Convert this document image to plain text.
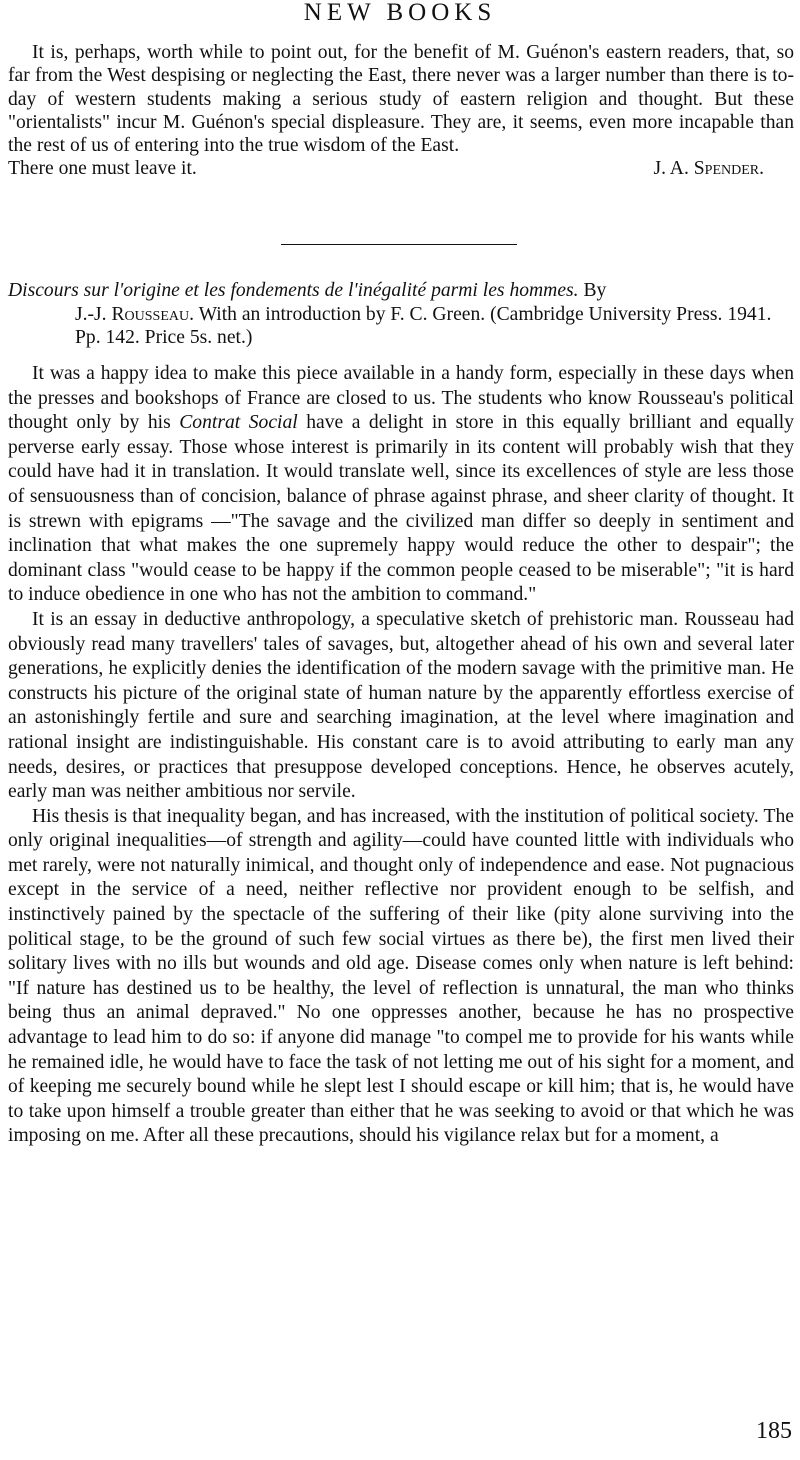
NEW BOOKS

It is, perhaps, worth while to point out, for the benefit of M. Guénon's eastern readers, that, so far from the West despising or neglecting the East, there never was a larger number than there is to-day of western students making a serious study of eastern religion and thought. But these "orientalists" incur M. Guénon's special displeasure. They are, it seems, even more incapable than the rest of us of entering into the true wisdom of the East.

There one must leave it.	J. A. Spender.
Discours sur l'origine et les fondements de l'inégalité parmi les hommes. By
J.-J. Rousseau. With an introduction by F. C. Green. (Cambridge University Press. 1941. Pp. 142. Price 5s. net.)

It was a happy idea to make this piece available in a handy form, especially in these days when the presses and bookshops of France are closed to us. The students who know Rousseau's political thought only by his Contrat Social have a delight in store in this equally brilliant and equally perverse early essay. Those whose interest is primarily in its content will probably wish that they could have had it in translation. It would translate well, since its excellences of style are less those of sensuousness than of concision, balance of phrase against phrase, and sheer clarity of thought. It is strewn with epigrams —"The savage and the civilized man differ so deeply in sentiment and inclination that what makes the one supremely happy would reduce the other to despair"; the dominant class "would cease to be happy if the common people ceased to be miserable"; "it is hard to induce obedience in one who has not the ambition to command."

It is an essay in deductive anthropology, a speculative sketch of prehistoric man. Rousseau had obviously read many travellers' tales of savages, but, altogether ahead of his own and several later generations, he explicitly denies the identification of the modern savage with the primitive man. He constructs his picture of the original state of human nature by the apparently effortless exercise of an astonishingly fertile and sure and searching imagination, at the level where imagination and rational insight are indistinguishable. His constant care is to avoid attributing to early man any needs, desires, or practices that presuppose developed conceptions. Hence, he observes acutely, early man was neither ambitious nor servile.

His thesis is that inequality began, and has increased, with the institution of political society. The only original inequalities—of strength and agility—could have counted little with individuals who met rarely, were not naturally inimical, and thought only of independence and ease. Not pugnacious except in the service of a need, neither reflective nor provident enough to be selfish, and instinctively pained by the spectacle of the suffering of their like (pity alone surviving into the political stage, to be the ground of such few social virtues as there be), the first men lived their solitary lives with no ills but wounds and old age. Disease comes only when nature is left behind: "If nature has destined us to be healthy, the level of reflection is unnatural, the man who thinks being thus an animal depraved." No one oppresses another, because he has no prospective advantage to lead him to do so: if anyone did manage "to compel me to provide for his wants while he remained idle, he would have to face the task of not letting me out of his sight for a moment, and of keeping me securely bound while he slept lest I should escape or kill him; that is, he would have to take upon himself a trouble greater than either that he was seeking to avoid or that which he was imposing on me. After all these precautions, should his vigilance relax but for a moment, a

185
